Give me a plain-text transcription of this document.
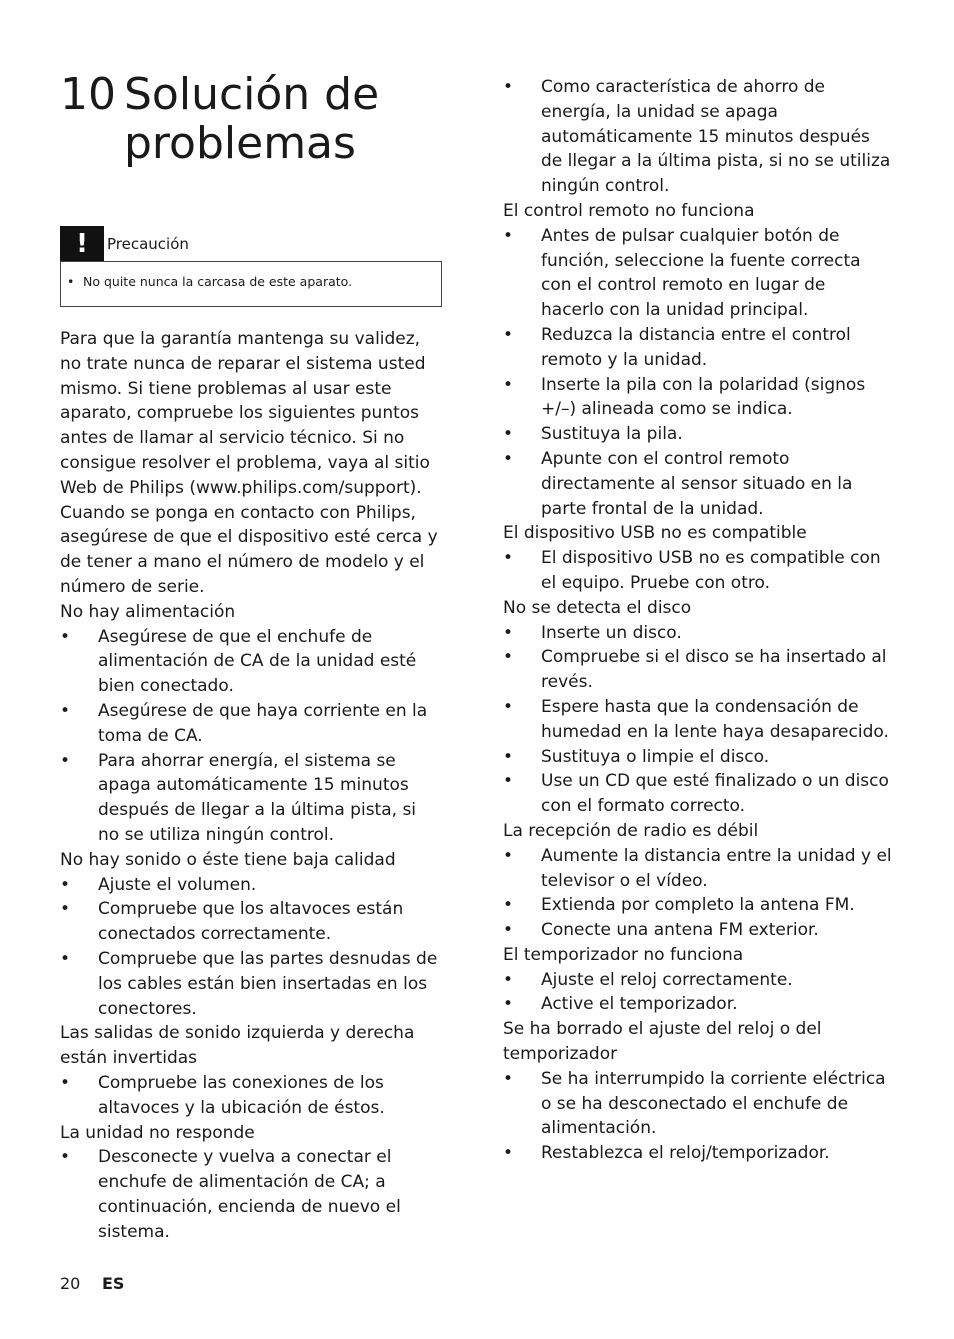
10 Solución de problemas
!	Precaución
• No quite nunca la carcasa de este aparato.

Para que la garantía mantenga su validez, no trate nunca de reparar el sistema usted mismo. Si tiene problemas al usar este aparato, compruebe los siguientes puntos antes de llamar al servicio técnico. Si no consigue resolver el problema, vaya al sitio Web de Philips (www.philips.com/support). Cuando se ponga en contacto con Philips, asegúrese de que el dispositivo esté cerca y de tener a mano el número de modelo y el número de serie.

No hay alimentación
• Asegúrese de que el enchufe de alimentación de CA de la unidad esté bien conectado.
• Asegúrese de que haya corriente en la toma de CA.
• Para ahorrar energía, el sistema se apaga automáticamente 15 minutos después de llegar a la última pista, si no se utiliza ningún control.
No hay sonido o éste tiene baja calidad
• Ajuste el volumen.
• Compruebe que los altavoces están conectados correctamente.
• Compruebe que las partes desnudas de los cables están bien insertadas en los conectores.
Las salidas de sonido izquierda y derecha están invertidas
• Compruebe las conexiones de los altavoces y la ubicación de éstos.
La unidad no responde
• Desconecte y vuelva a conectar el enchufe de alimentación de CA; a continuación, encienda de nuevo el sistema.
• Como característica de ahorro de energía, la unidad se apaga automáticamente 15 minutos después de llegar a la última pista, si no se utiliza ningún control.
El control remoto no funciona
• Antes de pulsar cualquier botón de función, seleccione la fuente correcta con el control remoto en lugar de hacerlo con la unidad principal.
• Reduzca la distancia entre el control remoto y la unidad.
• Inserte la pila con la polaridad (signos +/–) alineada como se indica.
• Sustituya la pila.
• Apunte con el control remoto directamente al sensor situado en la parte frontal de la unidad.
El dispositivo USB no es compatible
• El dispositivo USB no es compatible con el equipo. Pruebe con otro.
No se detecta el disco
• Inserte un disco.
• Compruebe si el disco se ha insertado al revés.
• Espere hasta que la condensación de humedad en la lente haya desaparecido.
• Sustituya o limpie el disco.
• Use un CD que esté finalizado o un disco con el formato correcto.
La recepción de radio es débil
• Aumente la distancia entre la unidad y el televisor o el vídeo.
• Extienda por completo la antena FM.
• Conecte una antena FM exterior.
El temporizador no funciona
• Ajuste el reloj correctamente.
• Active el temporizador.
Se ha borrado el ajuste del reloj o del temporizador
• Se ha interrumpido la corriente eléctrica o se ha desconectado el enchufe de alimentación.
• Restablezca el reloj/temporizador.
20 ES
